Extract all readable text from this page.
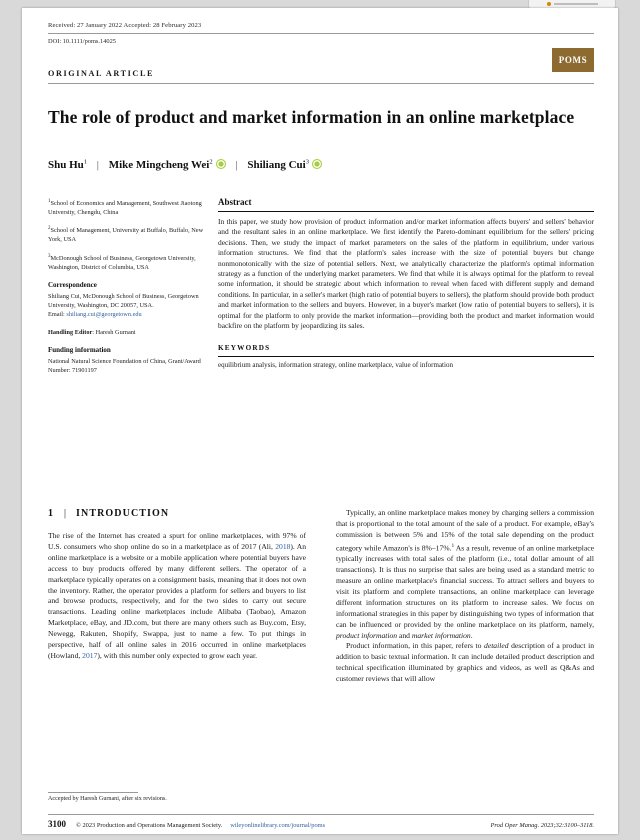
Received: 27 January 2022 Accepted: 28 February 2023
DOI: 10.1111/poms.14025
POMS
ORIGINAL ARTICLE
The role of product and market information in an online marketplace
Shu Hu$^1$ | Mike Mingcheng Wei$^2$ | Shiliang Cui$^3$
$^1$School of Economics and Management, Southwest Jiaotong University, Chengdu, China
$^2$School of Management, University at Buffalo, Buffalo, New York, USA
$^3$McDonough School of Business, Georgetown University, Washington, District of Columbia, USA
Correspondence
Shiliang Cui, McDonough School of Business, Georgetown University, Washington, DC 20057, USA.
Email: shiliang.cui@georgetown.edu
Handling Editor: Haresh Gurnani
Funding information
National Natural Science Foundation of China, Grant/Award Number: 71901197
Abstract
In this paper, we study how provision of product information and/or market information affects buyers' and sellers' behavior and the resultant sales in an online marketplace. We first identify the Pareto-dominant equilibrium for the sellers' pricing decisions. Then, we study the impact of market parameters on the sales of the platform in equilibrium, under various information structures. We find that the platform's sales increase with the size of potential buyers but change nonmonotonically with the size of potential sellers. Next, we analytically characterize the platform's optimal information strategy as a function of the underlying market parameters. We find that while it is always optimal for the platform to reveal some information, it should be strategic about which information to reveal when faced with different supply and demand conditions. In particular, in a seller's market (high ratio of potential buyers to sellers), the platform should provide both product and market information to the sellers and buyers. However, in a buyer's market (low ratio of potential buyers to sellers), it is optimal for the platform to only provide the market information—providing both the product and market information would backfire on the platform by jeopardizing its sales.
KEYWORDS
equilibrium analysis, information strategy, online marketplace, value of information
1	| INTRODUCTION

The rise of the Internet has created a spurt for online marketplaces, with 97% of U.S. consumers who shop online do so in a marketplace as of 2017 (Ali, 2018). An online marketplace is a website or a mobile application where potential buyers have access to buy products offered by many different sellers. The operator of a marketplace typically operates on a consignment basis, meaning that it does not own the inventory. Rather, the operator provides a platform for sellers and buyers to list and browse products, respectively, and for the two sides to carry out secure transactions. Leading online marketplaces include Alibaba (Taobao), Amazon Marketplace, eBay, and JD.com, but there are many others such as Buy.com, Etsy, Newegg, Rakuten, Shopify, Swappa, just to name a few. To put things in perspective, half of all online sales in 2016 occurred in online marketplaces (Howland, 2017), with this number only expected to grow each year.

Typically, an online marketplace makes money by charging sellers a commission that is proportional to the total amount of the sale of a product. For example, eBay's commission is between 5% and 15% of the total sale depending on the product category while Amazon's is 8%–17%.$^1$ As a result, revenue of an online marketplace typically increases with total sales of the platform (i.e., total dollar amount of all transactions). It is thus no surprise that sales are being used as a standard metric to measure an online marketplace's financial success. To attract sellers and buyers to visit its platform and complete transactions, an online marketplace can leverage different information structures on its platform to increase sales. We focus on informational strategies in this paper by distinguishing two types of information that can be influenced or provided by the online marketplace on its platform, namely, product information and market information.

Product information, in this paper, refers to detailed description of a product in addition to basic textual information. It can include detailed product description and technical specification illuminated by graphics and videos, as well as Q&As and customer reviews that will allow

Accepted by Haresh Gurnani, after six revisions.
3100 © 2023 Production and Operations Management Society. wileyonlinelibrary.com/journal/poms	Prod Oper Manag. 2023;32:3100–3118.
